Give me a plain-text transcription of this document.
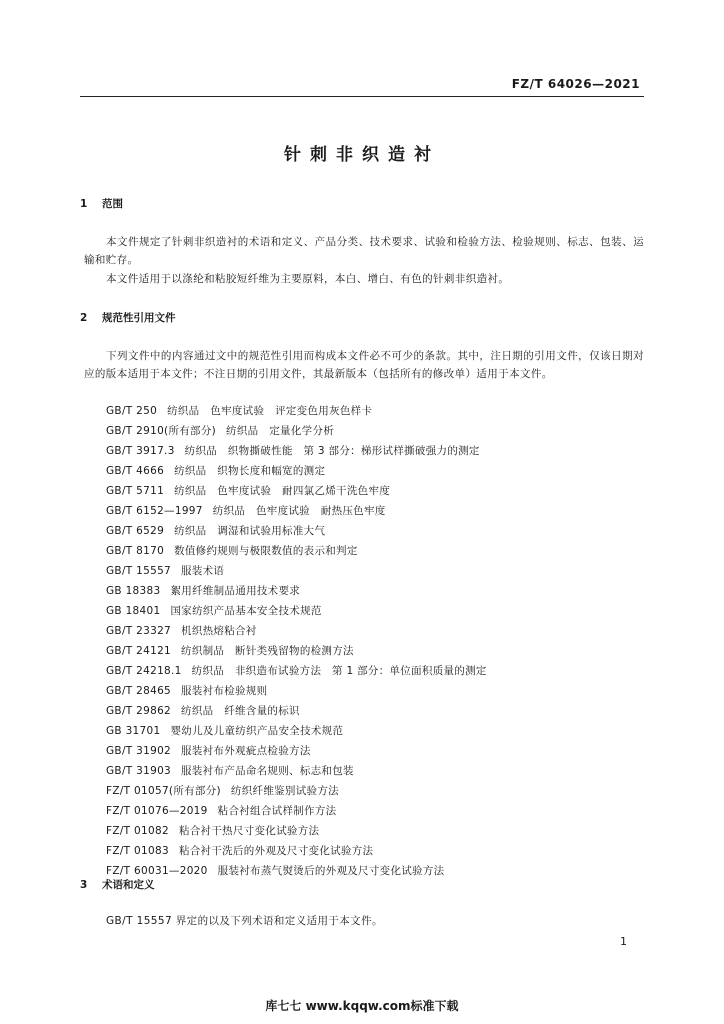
FZ/T 64026—2021
针刺非织造衬
1 范围
本文件规定了针刺非织造衬的术语和定义、产品分类、技术要求、试验和检验方法、检验规则、标志、包装、运输和贮存。
本文件适用于以涤纶和粘胶短纤维为主要原料，本白、增白、有色的针刺非织造衬。
2 规范性引用文件
下列文件中的内容通过文中的规范性引用而构成本文件必不可少的条款。其中，注日期的引用文件，仅该日期对应的版本适用于本文件；不注日期的引用文件，其最新版本（包括所有的修改单）适用于本文件。
GB/T 250 纺织品　色牢度试验　评定变色用灰色样卡
GB/T 2910(所有部分) 纺织品　定量化学分析
GB/T 3917.3 纺织品　织物撕破性能　第 3 部分：梯形试样撕破强力的测定
GB/T 4666 纺织品　织物长度和幅宽的测定
GB/T 5711 纺织品　色牢度试验　耐四氯乙烯干洗色牢度
GB/T 6152—1997 纺织品　色牢度试验　耐热压色牢度
GB/T 6529 纺织品　调湿和试验用标准大气
GB/T 8170 数值修约规则与极限数值的表示和判定
GB/T 15557 服装术语
GB 18383 絮用纤维制品通用技术要求
GB 18401 国家纺织产品基本安全技术规范
GB/T 23327 机织热熔粘合衬
GB/T 24121 纺织制品　断针类残留物的检测方法
GB/T 24218.1 纺织品　非织造布试验方法　第 1 部分：单位面积质量的测定
GB/T 28465 服装衬布检验规则
GB/T 29862 纺织品　纤维含量的标识
GB 31701 婴幼儿及儿童纺织产品安全技术规范
GB/T 31902 服装衬布外观疵点检验方法
GB/T 31903 服装衬布产品命名规则、标志和包装
FZ/T 01057(所有部分) 纺织纤维鉴别试验方法
FZ/T 01076—2019 粘合衬组合试样制作方法
FZ/T 01082 粘合衬干热尺寸变化试验方法
FZ/T 01083 粘合衬干洗后的外观及尺寸变化试验方法
FZ/T 60031—2020 服装衬布蒸气熨烫后的外观及尺寸变化试验方法
3 术语和定义
GB/T 15557 界定的以及下列术语和定义适用于本文件。
1
库七七 www.kqqw.com标准下载
